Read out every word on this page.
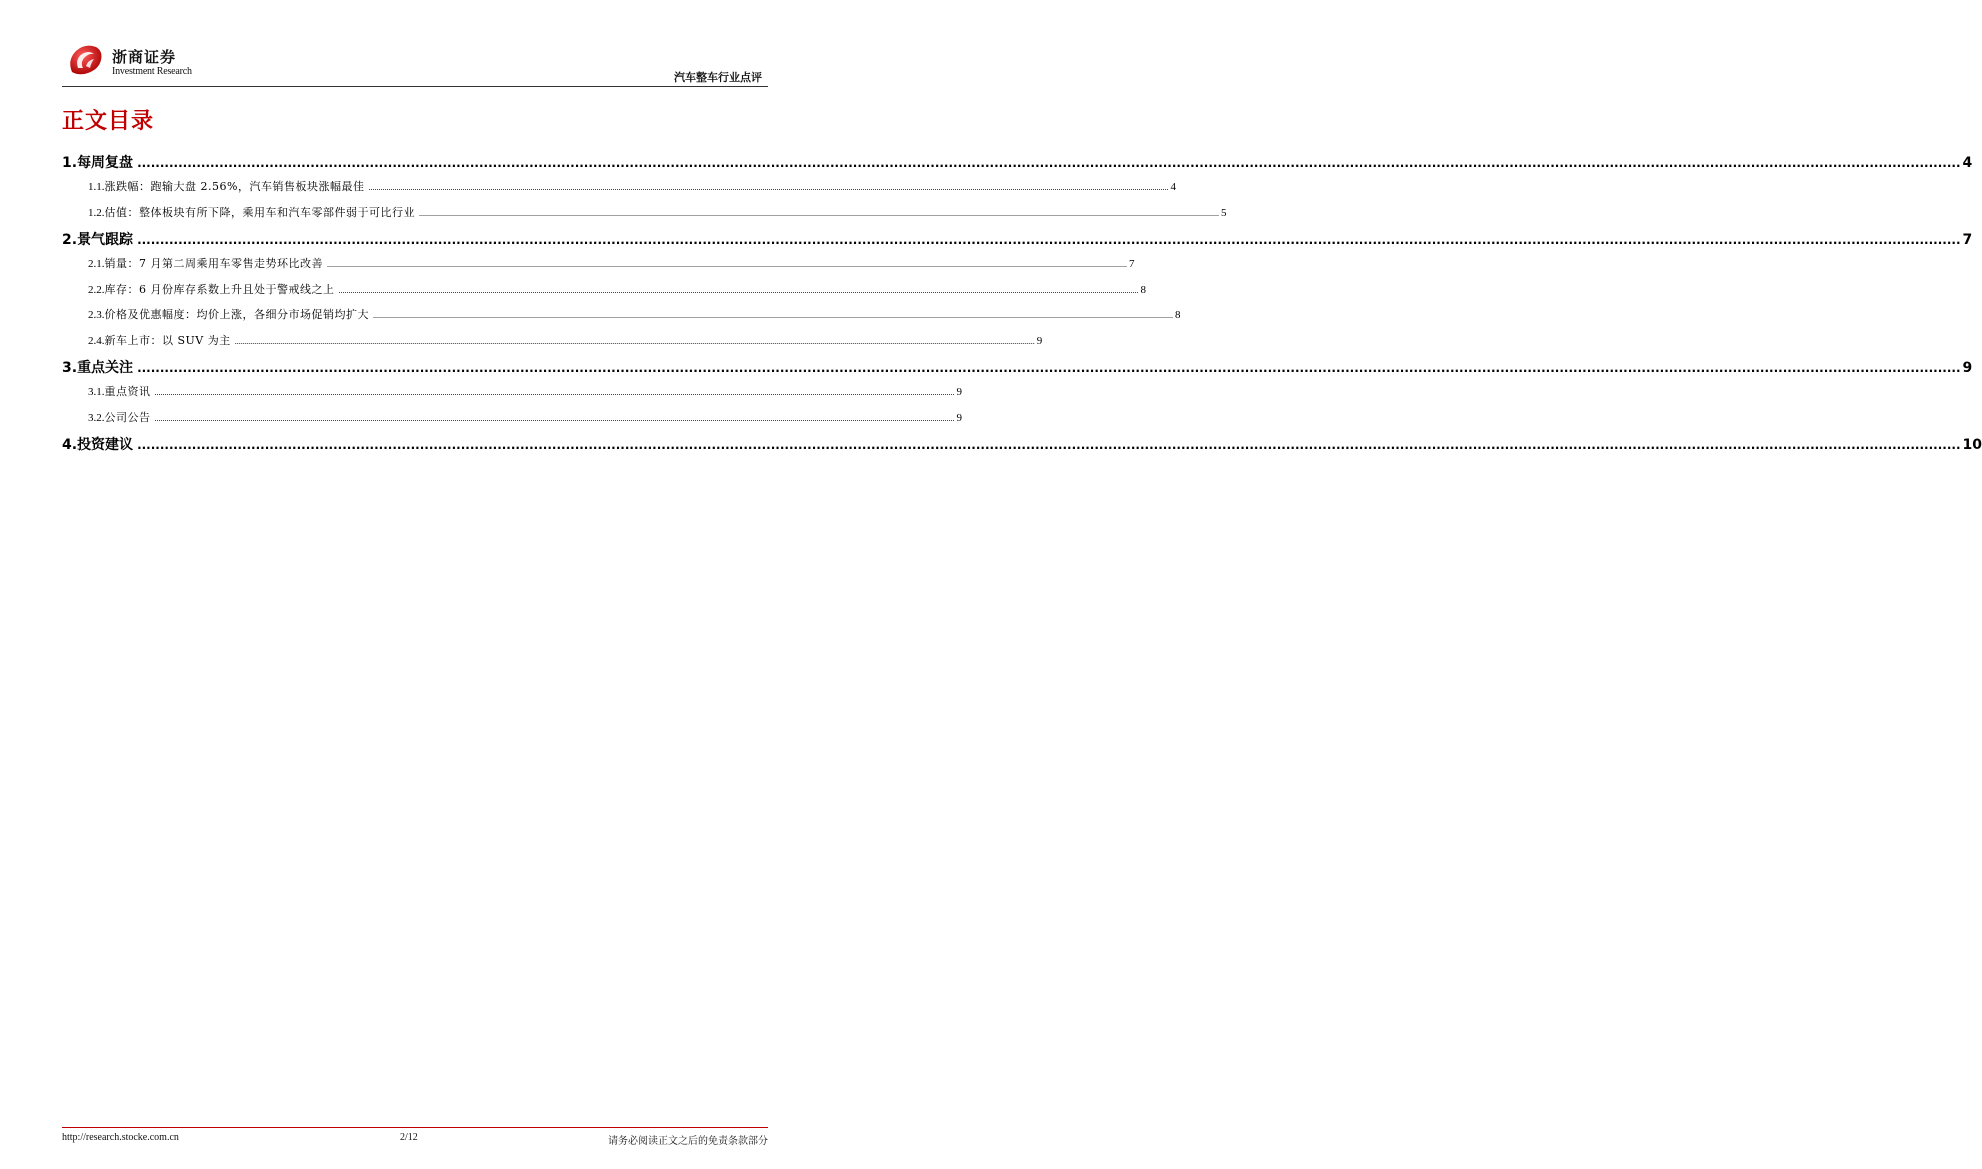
浙商证券
Investment Research	汽车整车行业点评
正文目录
1. 每周复盘 ................................................................................................................................................................................................................................................................................................................................................................................................................ 4
1.1. 涨跌幅：跑输大盘 2.56%，汽车销售板块涨幅最佳 ................................................................................................................................................................................................................................................................................................................................................................................................................ 4
1.2. 估值：整体板块有所下降，乘用车和汽车零部件弱于可比行业 ................................................................................................................................................................................................................................................................................................................................................................................................................ 5
2. 景气跟踪 ................................................................................................................................................................................................................................................................................................................................................................................................................ 7
2.1. 销量：7 月第二周乘用车零售走势环比改善 ................................................................................................................................................................................................................................................................................................................................................................................................................ 7
2.2. 库存：6 月份库存系数上升且处于警戒线之上 ................................................................................................................................................................................................................................................................................................................................................................................................................ 8
2.3. 价格及优惠幅度：均价上涨，各细分市场促销均扩大 ................................................................................................................................................................................................................................................................................................................................................................................................................ 8
2.4. 新车上市：以 SUV 为主 ................................................................................................................................................................................................................................................................................................................................................................................................................ 9
3. 重点关注 ................................................................................................................................................................................................................................................................................................................................................................................................................ 9
3.1. 重点资讯 ................................................................................................................................................................................................................................................................................................................................................................................................................ 9
3.2. 公司公告 ................................................................................................................................................................................................................................................................................................................................................................................................................ 9
4. 投资建议 ................................................................................................................................................................................................................................................................................................................................................................................................................ 10
http://research.stocke.com.cn	2/12	请务必阅读正文之后的免责条款部分
